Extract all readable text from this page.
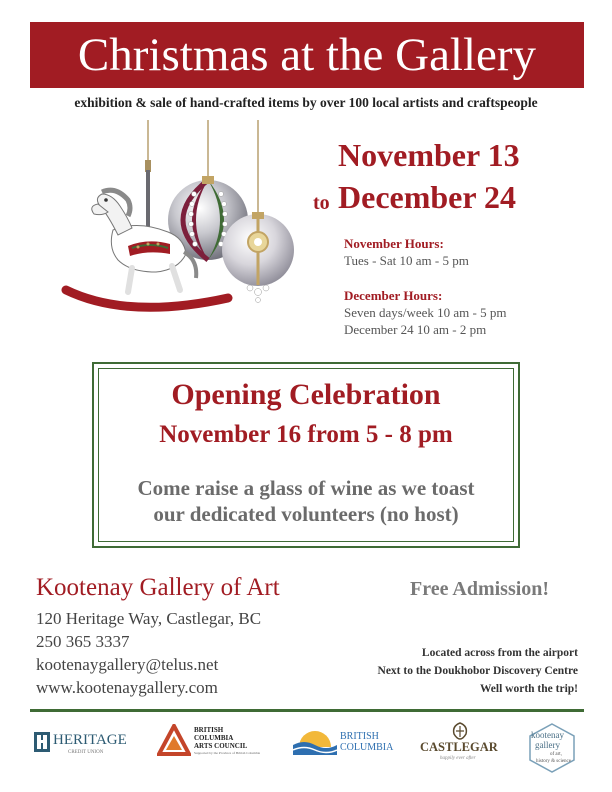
Christmas at the Gallery
exhibition & sale of hand-crafted items by over 100 local artists and craftspeople
November 13
to December 24
November Hours:
Tues - Sat 10 am - 5 pm
December Hours:
Seven days/week 10 am - 5 pm
December 24 10 am - 2 pm
Opening Celebration
November 16 from 5 - 8 pm
Come raise a glass of wine as we toast
our dedicated volunteers (no host)
Kootenay Gallery of Art
120 Heritage Way, Castlegar, BC
250 365 3337
kootenaygallery@telus.net
www.kootenaygallery.com
Free Admission!
Located across from the airport
Next to the Doukhobor Discovery Centre
Well worth the trip!
HERITAGE
CREDIT UNION
BRITISH
COLUMBIA
ARTS COUNCIL
Supported by the Province of British Columbia
BRITISH
COLUMBIA CASTLEGAR
happily ever after
kootenay
gallery
of art,
history & science
